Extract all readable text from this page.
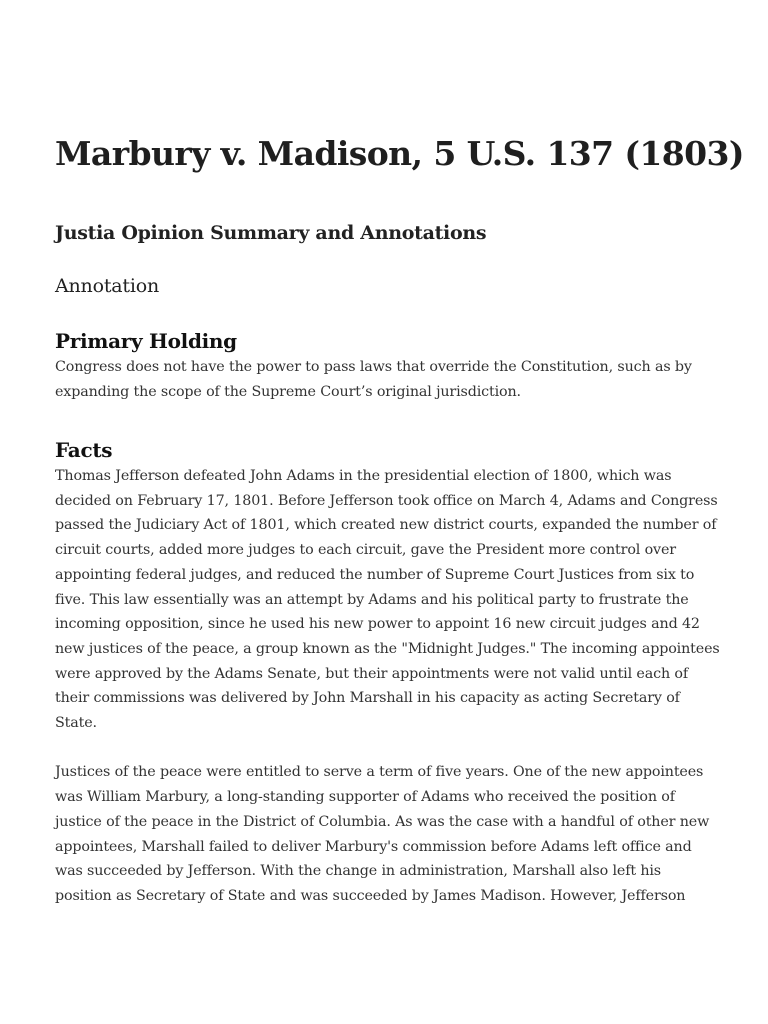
Marbury v. Madison, 5 U.S. 137 (1803)
Justia Opinion Summary and Annotations
Annotation
Primary Holding

Congress does not have the power to pass laws that override the Constitution, such as by expanding the scope of the Supreme Court’s original jurisdiction.

Facts

Thomas Jefferson defeated John Adams in the presidential election of 1800, which was decided on February 17, 1801. Before Jefferson took office on March 4, Adams and Congress passed the Judiciary Act of 1801, which created new district courts, expanded the number of circuit courts, added more judges to each circuit, gave the President more control over appointing federal judges, and reduced the number of Supreme Court Justices from six to five. This law essentially was an attempt by Adams and his political party to frustrate the incoming opposition, since he used his new power to appoint 16 new circuit judges and 42 new justices of the peace, a group known as the "Midnight Judges." The incoming appointees were approved by the Adams Senate, but their appointments were not valid until each of their commissions was delivered by John Marshall in his capacity as acting Secretary of State.

Justices of the peace were entitled to serve a term of five years. One of the new appointees was William Marbury, a long-standing supporter of Adams who received the position of justice of the peace in the District of Columbia. As was the case with a handful of other new appointees, Marshall failed to deliver Marbury's commission before Adams left office and was succeeded by Jefferson. With the change in administration, Marshall also left his position as Secretary of State and was succeeded by James Madison. However, Jefferson
